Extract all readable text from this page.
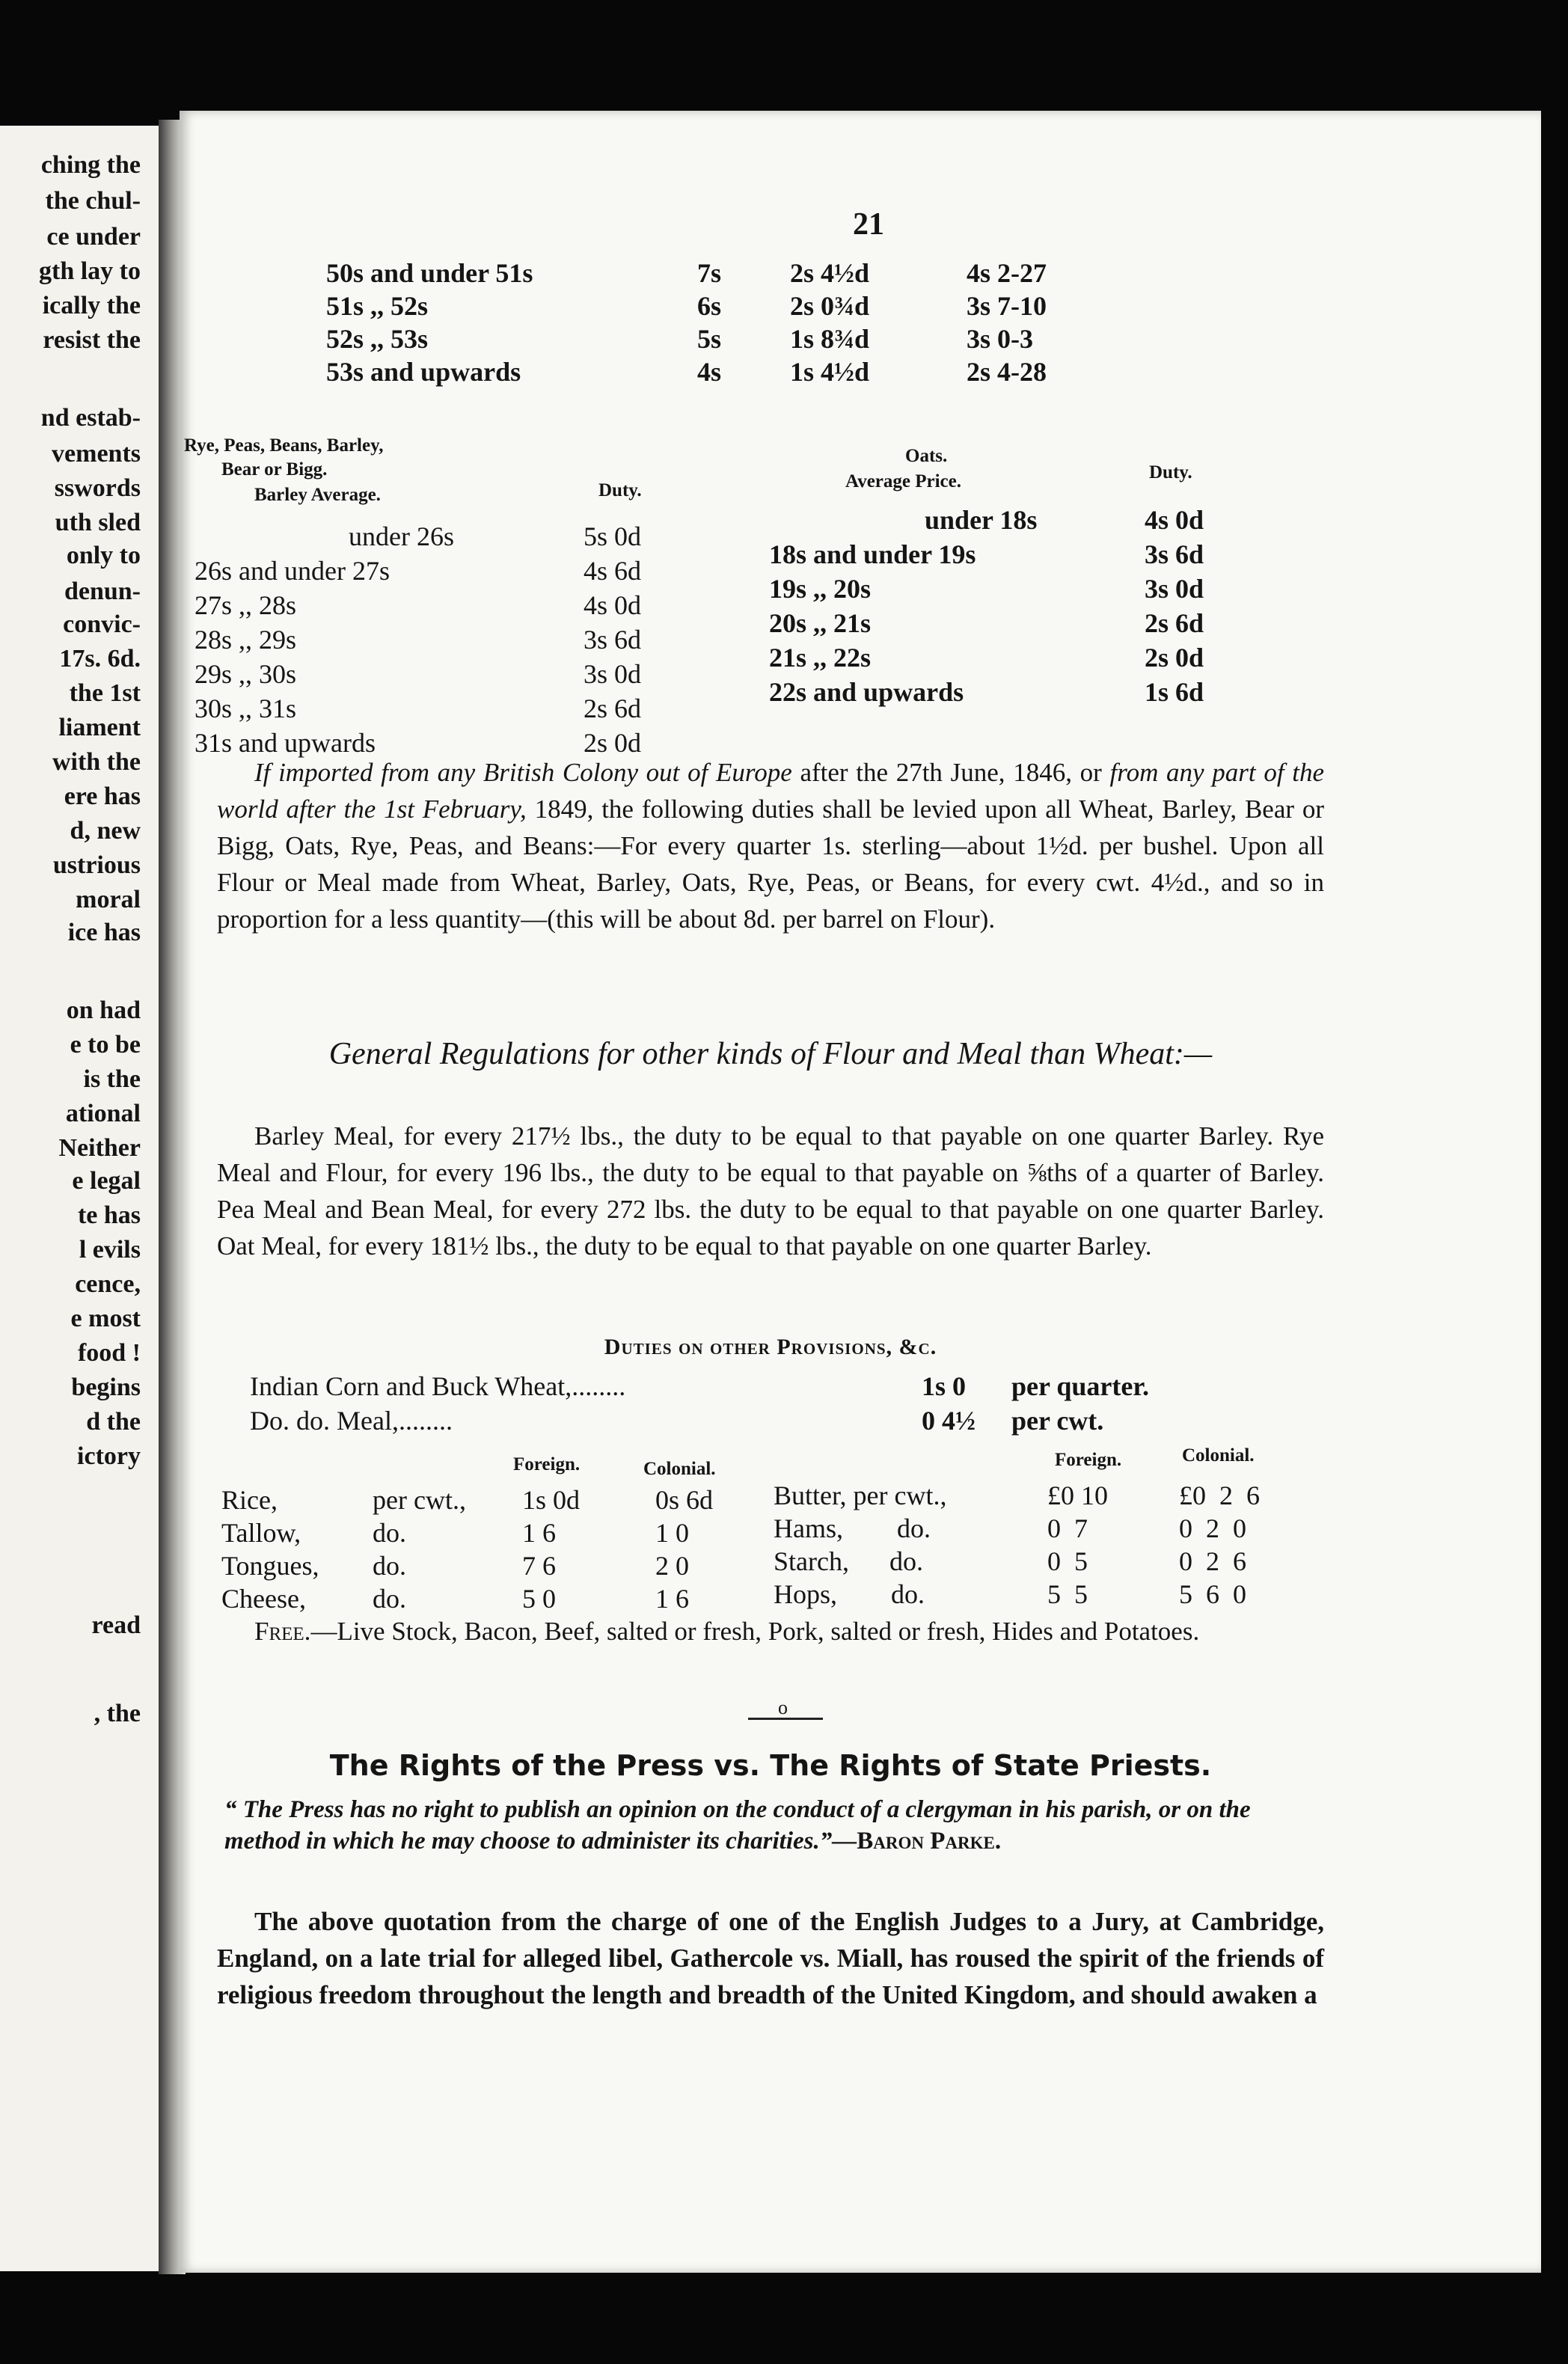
ching the
the chul-
ce under
gth lay to
ically the
resist the
nd estab-
vements
sswords
uth sled
only to
denun-
convic-
17s. 6d.
the 1st
liament
with the
ere has
d, new
ustrious
moral
ice has
on had
e to be
is the
ational
Neither
e legal
te has
l evils
cence,
e most
food !
begins
d the
ictory
read
, the
21
Rye, Peas, Beans, Barley,
Bear or Bigg.
Barley Average.	Duty.
Oats.
Average Price.	Duty.
If imported from any British Colony out of Europe after the 27th June, 1846, or from any part of the world after the 1st February, 1849, the following duties shall be levied upon all Wheat, Barley, Bear or Bigg, Oats, Rye, Peas, and Beans:—For every quarter 1s. sterling—about 1½d. per bushel. Upon all Flour or Meal made from Wheat, Barley, Oats, Rye, Peas, or Beans, for every cwt. 4½d., and so in proportion for a less quantity—(this will be about 8d. per barrel on Flour).
General Regulations for other kinds of Flour and Meal than Wheat:—
Barley Meal, for every 217½ lbs., the duty to be equal to that payable on one quarter Barley. Rye Meal and Flour, for every 196 lbs., the duty to be equal to that payable on ⅝ths of a quarter of Barley. Pea Meal and Bean Meal, for every 272 lbs. the duty to be equal to that payable on one quarter Barley. Oat Meal, for every 181½ lbs., the duty to be equal to that payable on one quarter Barley.
Duties on other Provisions, &c.
Foreign.	Colonial.	Foreign.	Colonial.
Free.—Live Stock, Bacon, Beef, salted or fresh, Pork, salted or fresh, Hides and Potatoes.
o
The Rights of the Press vs. The Rights of State Priests.
“ The Press has no right to publish an opinion on the conduct of a clergyman in his parish, or on the method in which he may choose to administer its charities.”—Baron Parke.
The above quotation from the charge of one of the English Judges to a Jury, at Cambridge, England, on a late trial for alleged libel, Gathercole vs. Miall, has roused the spirit of the friends of religious freedom throughout the length and breadth of the United Kingdom, and should awaken a
50s and under 51s	7s	2s 4½d	4s 2-27
51s ,, 52s	6s	2s 0¾d	3s 7-10
52s ,, 53s	5s	1s 8¾d	3s 0-3
53s and upwards	4s	1s 4½d	2s 4-28
under 26s	5s 0d
26s and under 27s	4s 6d
27s ,, 28s	4s 0d
28s ,, 29s	3s 6d
29s ,, 30s	3s 0d
30s ,, 31s	2s 6d
31s and upwards	2s 0d
under 18s	4s 0d
18s and under 19s	3s 6d
19s ,, 20s	3s 0d
20s ,, 21s	2s 6d
21s ,, 22s	2s 0d
22s and upwards	1s 6d
Indian Corn and Buck Wheat,........	1s 0 per quarter.
Do. do. Meal,........	0 4½ per cwt.
Rice,	per cwt., 1s 0d	0s 6d
Tallow,	do.	1 6	1 0
Tongues, do.	7 6	2 0
Cheese, do.	5 0	1 6
Butter, per cwt.,	£0 10	£0  2  6
Hams,        do.	0  7	0  2  0
Starch,      do.	0  5	0  2  6
Hops,        do.	5  5	5  6  0
